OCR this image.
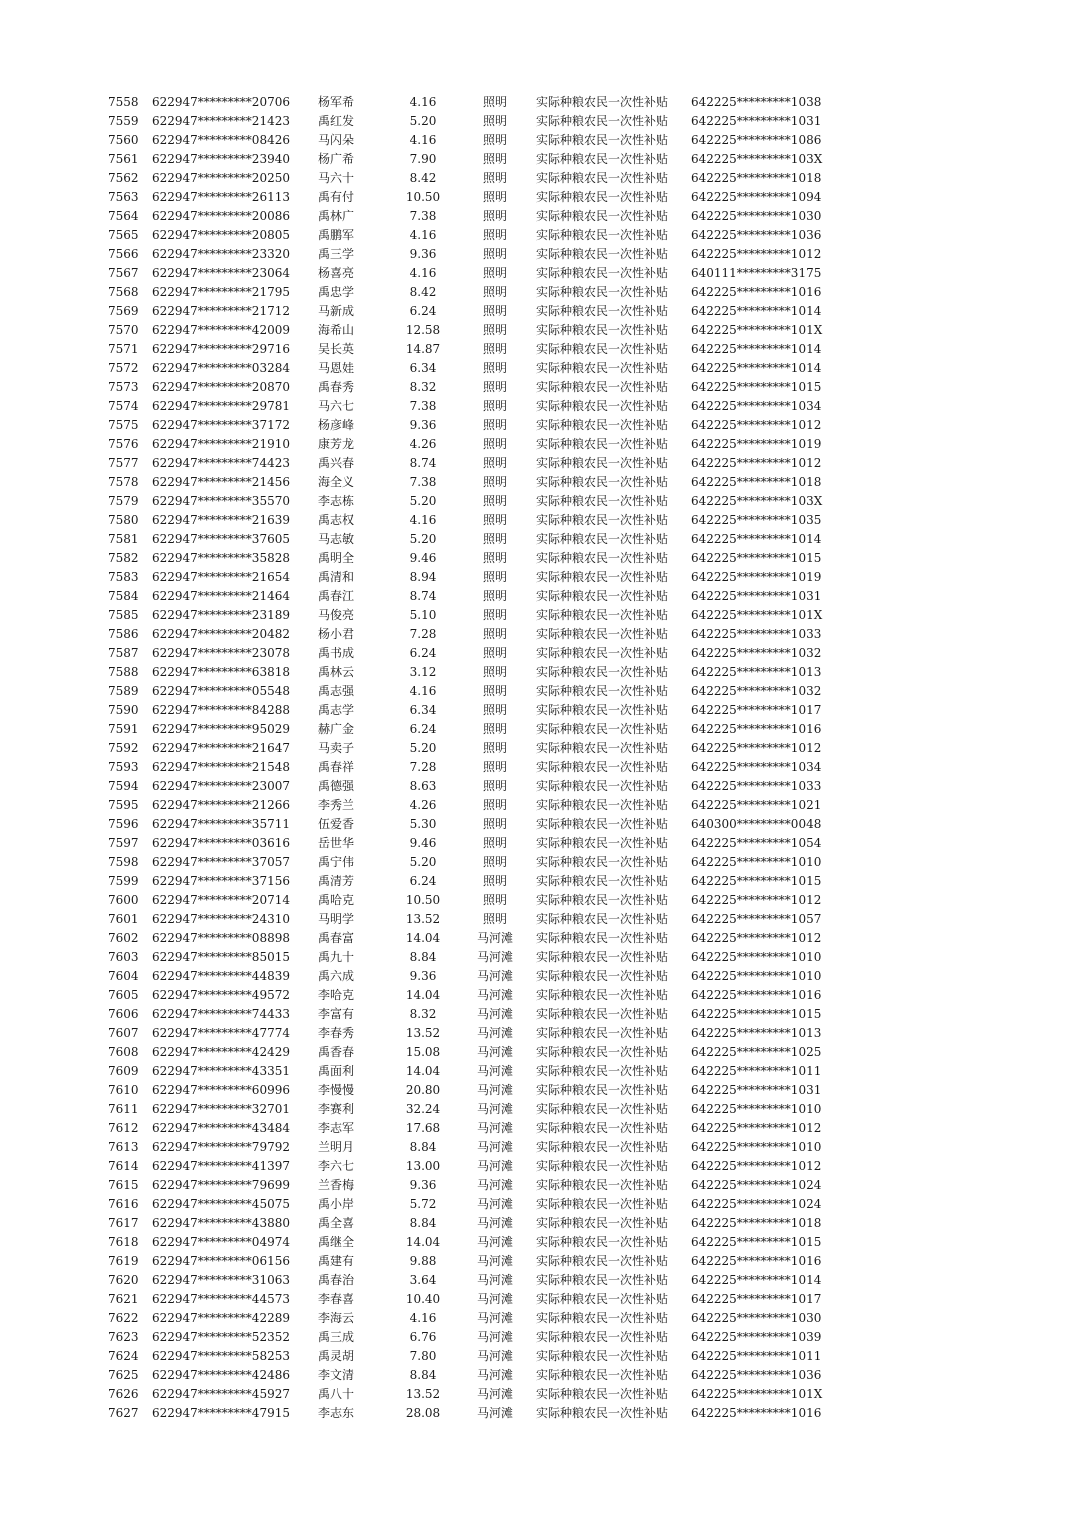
7558	622947*********20706 杨军希	4.16	照明	实际种粮农民一次性补贴	642225*********1038
7559	622947*********21423 禹红发	5.20	照明	实际种粮农民一次性补贴	642225*********1031
7560	622947*********08426 马闪朵	4.16	照明	实际种粮农民一次性补贴	642225*********1086
7561	622947*********23940 杨广希	7.90	照明	实际种粮农民一次性补贴	642225*********103X
7562	622947*********20250 马六十	8.42	照明	实际种粮农民一次性补贴	642225*********1018
7563	622947*********26113 禹有付	10.50	照明	实际种粮农民一次性补贴	642225*********1094
7564	622947*********20086 禹林广	7.38	照明	实际种粮农民一次性补贴	642225*********1030
7565	622947*********20805 禹鹏军	4.16	照明	实际种粮农民一次性补贴	642225*********1036
7566	622947*********23320 禹三学	9.36	照明	实际种粮农民一次性补贴	642225*********1012
7567	622947*********23064 杨喜亮	4.16	照明	实际种粮农民一次性补贴	640111*********3175
7568	622947*********21795 禹忠学	8.42	照明	实际种粮农民一次性补贴	642225*********1016
7569	622947*********21712 马新成	6.24	照明	实际种粮农民一次性补贴	642225*********1014
7570	622947*********42009 海希山	12.58	照明	实际种粮农民一次性补贴	642225*********101X
7571	622947*********29716 吴长英	14.87	照明	实际种粮农民一次性补贴	642225*********1014
7572	622947*********03284 马恩娃	6.34	照明	实际种粮农民一次性补贴	642225*********1014
7573	622947*********20870 禹春秀	8.32	照明	实际种粮农民一次性补贴	642225*********1015
7574	622947*********29781 马六七	7.38	照明	实际种粮农民一次性补贴	642225*********1034
7575	622947*********37172 杨彦峰	9.36	照明	实际种粮农民一次性补贴	642225*********1012
7576	622947*********21910 康芳龙	4.26	照明	实际种粮农民一次性补贴	642225*********1019
7577	622947*********74423 禹兴春	8.74	照明	实际种粮农民一次性补贴	642225*********1012
7578	622947*********21456 海全义	7.38	照明	实际种粮农民一次性补贴	642225*********1018
7579	622947*********35570 李志栋	5.20	照明	实际种粮农民一次性补贴	642225*********103X
7580	622947*********21639 禹志权	4.16	照明	实际种粮农民一次性补贴	642225*********1035
7581	622947*********37605 马志敏	5.20	照明	实际种粮农民一次性补贴	642225*********1014
7582	622947*********35828 禹明全	9.46	照明	实际种粮农民一次性补贴	642225*********1015
7583	622947*********21654 禹清和	8.94	照明	实际种粮农民一次性补贴	642225*********1019
7584	622947*********21464 禹春江	8.74	照明	实际种粮农民一次性补贴	642225*********1031
7585	622947*********23189 马俊亮	5.10	照明	实际种粮农民一次性补贴	642225*********101X
7586	622947*********20482 杨小君	7.28	照明	实际种粮农民一次性补贴	642225*********1033
7587	622947*********23078 禹书成	6.24	照明	实际种粮农民一次性补贴	642225*********1032
7588	622947*********63818 禹林云	3.12	照明	实际种粮农民一次性补贴	642225*********1013
7589	622947*********05548 禹志强	4.16	照明	实际种粮农民一次性补贴	642225*********1032
7590	622947*********84288 禹志学	6.34	照明	实际种粮农民一次性补贴	642225*********1017
7591	622947*********95029 赫广金	6.24	照明	实际种粮农民一次性补贴	642225*********1016
7592	622947*********21647 马卖子	5.20	照明	实际种粮农民一次性补贴	642225*********1012
7593	622947*********21548 禹春祥	7.28	照明	实际种粮农民一次性补贴	642225*********1034
7594	622947*********23007 禹德强	8.63	照明	实际种粮农民一次性补贴	642225*********1033
7595	622947*********21266 李秀兰	4.26	照明	实际种粮农民一次性补贴	642225*********1021
7596	622947*********35711 伍爱香	5.30	照明	实际种粮农民一次性补贴	640300*********0048
7597	622947*********03616 岳世华	9.46	照明	实际种粮农民一次性补贴	642225*********1054
7598	622947*********37057 禹宁伟	5.20	照明	实际种粮农民一次性补贴	642225*********1010
7599	622947*********37156 禹清芳	6.24	照明	实际种粮农民一次性补贴	642225*********1015
7600	622947*********20714 禹哈克	10.50	照明	实际种粮农民一次性补贴	642225*********1012
7601	622947*********24310 马明学	13.52	照明	实际种粮农民一次性补贴	642225*********1057
7602	622947*********08898 禹春富	14.04	马河滩	实际种粮农民一次性补贴	642225*********1012
7603	622947*********85015 禹九十	8.84	马河滩	实际种粮农民一次性补贴	642225*********1010
7604	622947*********44839 禹六成	9.36	马河滩	实际种粮农民一次性补贴	642225*********1010
7605	622947*********49572 李哈克	14.04	马河滩	实际种粮农民一次性补贴	642225*********1016
7606	622947*********74433 李富有	8.32	马河滩	实际种粮农民一次性补贴	642225*********1015
7607	622947*********47774 李春秀	13.52	马河滩	实际种粮农民一次性补贴	642225*********1013
7608	622947*********42429 禹香春	15.08	马河滩	实际种粮农民一次性补贴	642225*********1025
7609	622947*********43351 禹面利	14.04	马河滩	实际种粮农民一次性补贴	642225*********1011
7610	622947*********60996 李慢慢	20.80	马河滩	实际种粮农民一次性补贴	642225*********1031
7611	622947*********32701 李赛利	32.24	马河滩	实际种粮农民一次性补贴	642225*********1010
7612	622947*********43484 李志军	17.68	马河滩	实际种粮农民一次性补贴	642225*********1012
7613	622947*********79792 兰明月	8.84	马河滩	实际种粮农民一次性补贴	642225*********1010
7614	622947*********41397 李六七	13.00	马河滩	实际种粮农民一次性补贴	642225*********1012
7615	622947*********79699 兰香梅	9.36	马河滩	实际种粮农民一次性补贴	642225*********1024
7616	622947*********45075 禹小岸	5.72	马河滩	实际种粮农民一次性补贴	642225*********1024
7617	622947*********43880 禹全喜	8.84	马河滩	实际种粮农民一次性补贴	642225*********1018
7618	622947*********04974 禹继全	14.04	马河滩	实际种粮农民一次性补贴	642225*********1015
7619	622947*********06156 禹建有	9.88	马河滩	实际种粮农民一次性补贴	642225*********1016
7620	622947*********31063 禹春治	3.64	马河滩	实际种粮农民一次性补贴	642225*********1014
7621	622947*********44573 李春喜	10.40	马河滩	实际种粮农民一次性补贴	642225*********1017
7622	622947*********42289 李海云	4.16	马河滩	实际种粮农民一次性补贴	642225*********1030
7623	622947*********52352 禹三成	6.76	马河滩	实际种粮农民一次性补贴	642225*********1039
7624	622947*********58253 禹灵胡	7.80	马河滩	实际种粮农民一次性补贴	642225*********1011
7625	622947*********42486 李文清	8.84	马河滩	实际种粮农民一次性补贴	642225*********1036
7626	622947*********45927 禹八十	13.52	马河滩	实际种粮农民一次性补贴	642225*********101X
7627	622947*********47915 李志东	28.08	马河滩	实际种粮农民一次性补贴	642225*********1016
